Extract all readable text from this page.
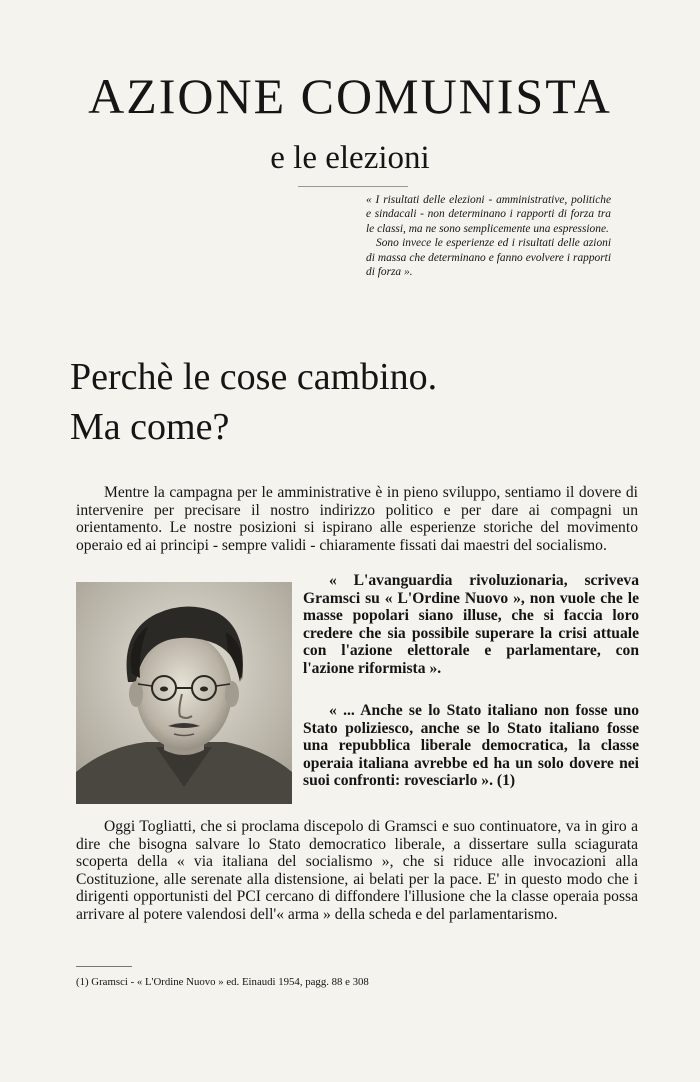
AZIONE COMUNISTA
e le elezioni

« I risultati delle elezioni - amministrative, politiche e sindacali - non determinano i rapporti di forza tra le classi, ma ne sono semplicemente una espressione.

Sono invece le esperienze ed i risultati delle azioni di massa che determinano e fanno evolvere i rapporti di forza ».

Perchè le cose cambino.
Ma come?
Mentre la campagna per le amministrative è in pieno sviluppo, sentiamo il dovere di intervenire per precisare il nostro indirizzo politico e per dare ai compagni un orientamento. Le nostre posizioni si ispirano alle esperienze storiche del movimento operaio ed ai principi - sempre validi - chiaramente fissati dai maestri del socialismo.
« L'avanguardia rivoluzionaria, scriveva Gramsci su « L'Ordine Nuovo », non vuole che le masse popolari siano illuse, che si faccia loro credere che sia possibile superare la crisi attuale con l'azione elettorale e parlamentare, con l'azione riformista ».
« ... Anche se lo Stato italiano non fosse uno Stato poliziesco, anche se lo Stato italiano fosse una repubblica liberale democratica, la classe operaia italiana avrebbe ed ha un solo dovere nei suoi confronti: rovesciarlo ». (1)
Oggi Togliatti, che si proclama discepolo di Gramsci e suo continuatore, va in giro a dire che bisogna salvare lo Stato democratico liberale, a dissertare sulla sciagurata scoperta della « via italiana del socialismo », che si riduce alle invocazioni alla Costituzione, alle serenate alla distensione, ai belati per la pace. E' in questo modo che i dirigenti opportunisti del PCI cercano di diffondere l'illusione che la classe operaia possa arrivare al potere valendosi dell'« arma » della scheda e del parlamentarismo.
(1) Gramsci - « L'Ordine Nuovo » ed. Einaudi 1954, pagg. 88 e 308
